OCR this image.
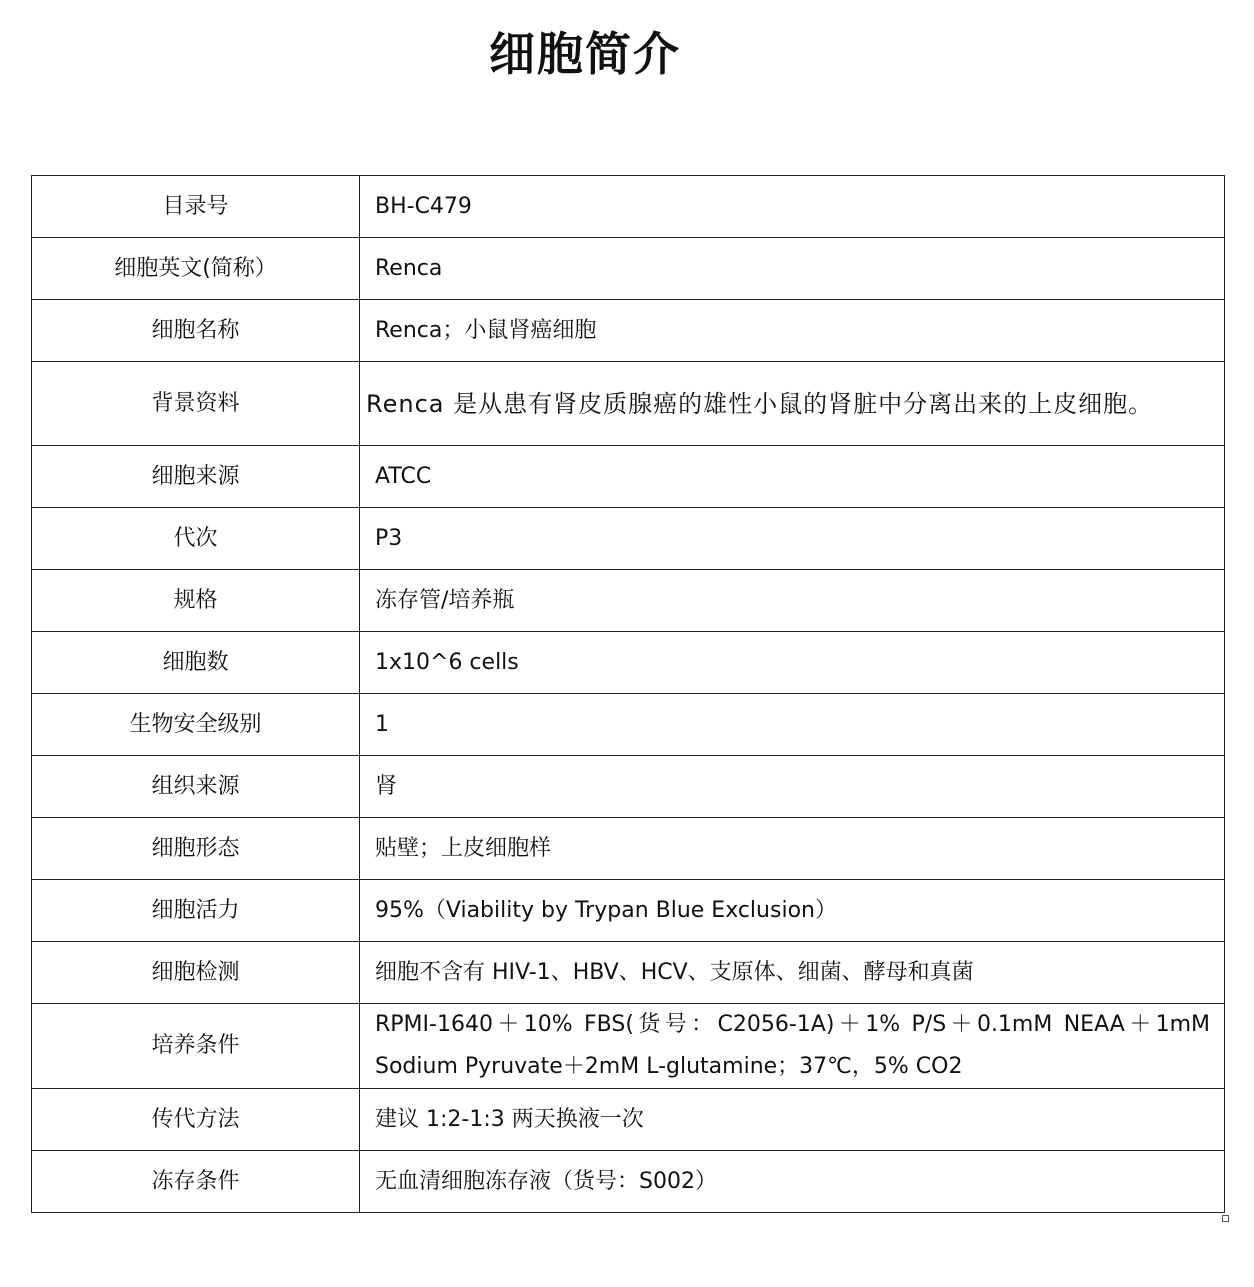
细胞简介
目录号	BH-C479
细胞英文(简称）	Renca
细胞名称	Renca；小鼠肾癌细胞
背景资料	Renca 是从患有肾皮质腺癌的雄性小鼠的肾脏中分离出来的上皮细胞。

细胞来源	ATCC
代次	P3
规格	冻存管/培养瓶
细胞数	1x10^6 cells
生物安全级别	1
组织来源	肾
细胞形态	贴壁；上皮细胞样
细胞活力	95%（Viability by Trypan Blue Exclusion）
细胞检测	细胞不含有 HIV-1、HBV、HCV、支原体、细菌、酵母和真菌
培养条件	RPMI-1640＋10% FBS(货号：C2056-1A)＋1% P/S＋0.1mM NEAA＋1mM Sodium Pyruvate＋2mM L-glutamine；37℃，5% CO2

传代方法	建议 1:2-1:3 两天换液一次
冻存条件	无血清细胞冻存液（货号：S002）
